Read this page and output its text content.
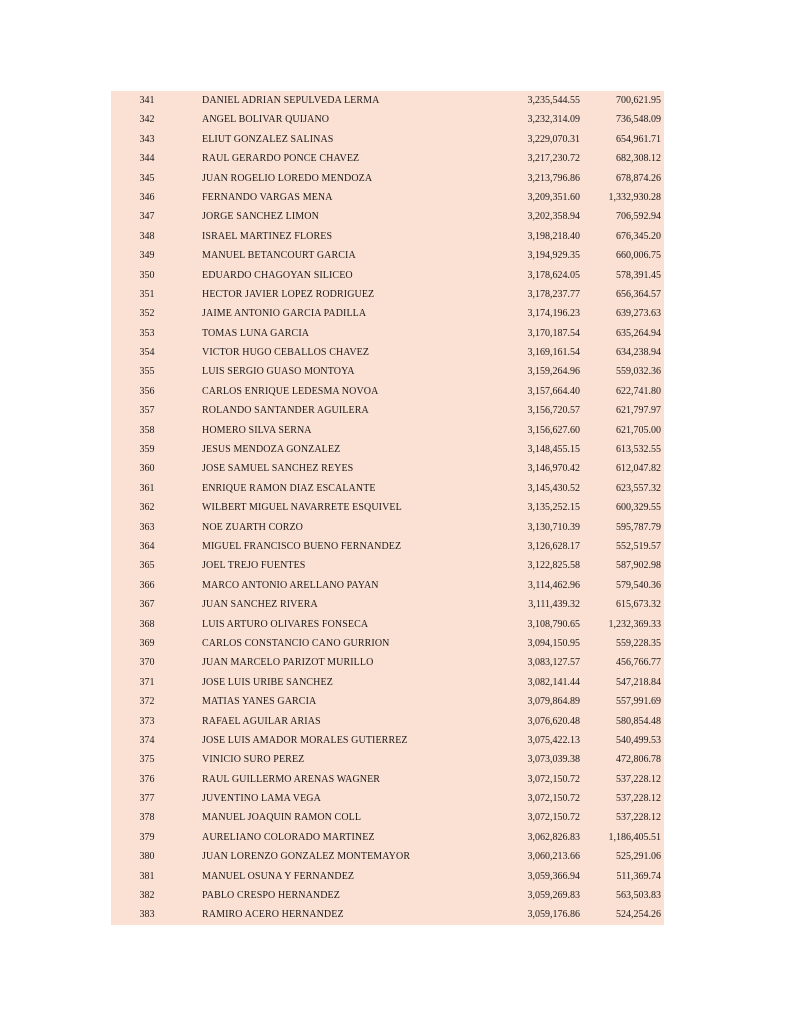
341	DANIEL ADRIAN SEPULVEDA LERMA	3,235,544.55	700,621.95
342	ANGEL BOLIVAR QUIJANO	3,232,314.09	736,548.09
343	ELIUT GONZALEZ SALINAS	3,229,070.31	654,961.71
344	RAUL GERARDO PONCE CHAVEZ	3,217,230.72	682,308.12
345	JUAN ROGELIO LOREDO MENDOZA	3,213,796.86	678,874.26
346	FERNANDO VARGAS MENA	3,209,351.60	1,332,930.28
347	JORGE SANCHEZ LIMON	3,202,358.94	706,592.94
348	ISRAEL MARTINEZ FLORES	3,198,218.40	676,345.20
349	MANUEL BETANCOURT GARCIA	3,194,929.35	660,006.75
350	EDUARDO CHAGOYAN SILICEO	3,178,624.05	578,391.45
351	HECTOR JAVIER LOPEZ RODRIGUEZ	3,178,237.77	656,364.57
352	JAIME ANTONIO GARCIA PADILLA	3,174,196.23	639,273.63
353	TOMAS LUNA GARCIA	3,170,187.54	635,264.94
354	VICTOR HUGO CEBALLOS CHAVEZ	3,169,161.54	634,238.94
355	LUIS SERGIO GUASO MONTOYA	3,159,264.96	559,032.36
356	CARLOS ENRIQUE LEDESMA NOVOA	3,157,664.40	622,741.80
357	ROLANDO SANTANDER AGUILERA	3,156,720.57	621,797.97
358	HOMERO SILVA SERNA	3,156,627.60	621,705.00
359	JESUS MENDOZA GONZALEZ	3,148,455.15	613,532.55
360	JOSE SAMUEL SANCHEZ REYES	3,146,970.42	612,047.82
361	ENRIQUE RAMON DIAZ ESCALANTE	3,145,430.52	623,557.32
362	WILBERT MIGUEL NAVARRETE ESQUIVEL	3,135,252.15	600,329.55
363	NOE ZUARTH CORZO	3,130,710.39	595,787.79
364	MIGUEL FRANCISCO BUENO FERNANDEZ	3,126,628.17	552,519.57
365	JOEL TREJO FUENTES	3,122,825.58	587,902.98
366	MARCO ANTONIO ARELLANO PAYAN	3,114,462.96	579,540.36
367	JUAN SANCHEZ RIVERA	3,111,439.32	615,673.32
368	LUIS ARTURO OLIVARES FONSECA	3,108,790.65	1,232,369.33
369	CARLOS CONSTANCIO CANO GURRION	3,094,150.95	559,228.35
370	JUAN MARCELO PARIZOT MURILLO	3,083,127.57	456,766.77
371	JOSE LUIS URIBE SANCHEZ	3,082,141.44	547,218.84
372	MATIAS YANES GARCIA	3,079,864.89	557,991.69
373	RAFAEL AGUILAR ARIAS	3,076,620.48	580,854.48
374	JOSE LUIS AMADOR MORALES GUTIERREZ	3,075,422.13	540,499.53
375	VINICIO SURO PEREZ	3,073,039.38	472,806.78
376	RAUL GUILLERMO ARENAS WAGNER	3,072,150.72	537,228.12
377	JUVENTINO LAMA VEGA	3,072,150.72	537,228.12
378	MANUEL JOAQUIN RAMON COLL	3,072,150.72	537,228.12
379	AURELIANO COLORADO MARTINEZ	3,062,826.83	1,186,405.51
380	JUAN LORENZO GONZALEZ MONTEMAYOR	3,060,213.66	525,291.06
381	MANUEL OSUNA Y FERNANDEZ	3,059,366.94	511,369.74
382	PABLO CRESPO HERNANDEZ	3,059,269.83	563,503.83
383	RAMIRO ACERO HERNANDEZ	3,059,176.86	524,254.26
